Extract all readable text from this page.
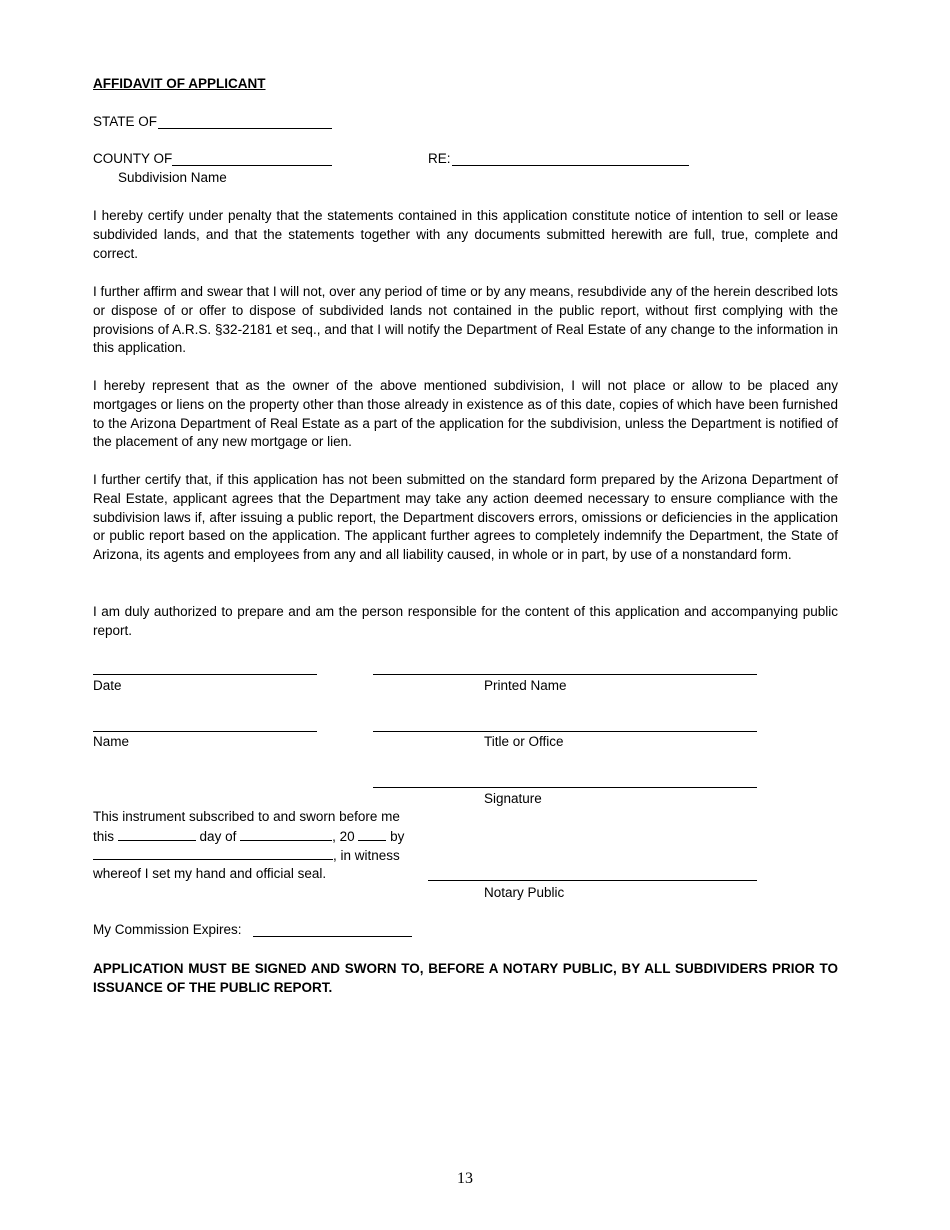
AFFIDAVIT OF APPLICANT
STATE OF
COUNTY OF	RE:
Subdivision Name
I hereby certify under penalty that the statements contained in this application constitute notice of intention to sell or lease subdivided lands, and that the statements together with any documents submitted herewith are full, true, complete and correct.
I further affirm and swear that I will not, over any period of time or by any means, resubdivide any of the herein described lots or dispose of or offer to dispose of subdivided lands not contained in the public report, without first complying with the provisions of A.R.S. §32-2181 et seq., and that I will notify the Department of Real Estate of any change to the information in this application.
I hereby represent that as the owner of the above mentioned subdivision, I will not place or allow to be placed any mortgages or liens on the property other than those already in existence as of this date, copies of which have been furnished to the Arizona Department of Real Estate as a part of the application for the subdivision, unless the Department is notified of the placement of any new mortgage or lien.
I further certify that, if this application has not been submitted on the standard form prepared by the Arizona Department of Real Estate, applicant agrees that the Department may take any action deemed necessary to ensure compliance with the subdivision laws if, after issuing a public report, the Department discovers errors, omissions or deficiencies in the application or public report based on the application. The applicant further agrees to completely indemnify the Department, the State of Arizona, its agents and employees from any and all liability caused, in whole or in part, by use of a nonstandard form.
I am duly authorized to prepare and am the person responsible for the content of this application and accompanying public report.
Date	Printed Name
Name	Title or Office
Signature
This instrument subscribed to and sworn before me
this	day of	, 20	by
, in witness
whereof I set my hand and official seal.
Notary Public
My Commission Expires:
APPLICATION MUST BE SIGNED AND SWORN TO, BEFORE A NOTARY PUBLIC, BY ALL SUBDIVIDERS PRIOR TO ISSUANCE OF THE PUBLIC REPORT.
13
